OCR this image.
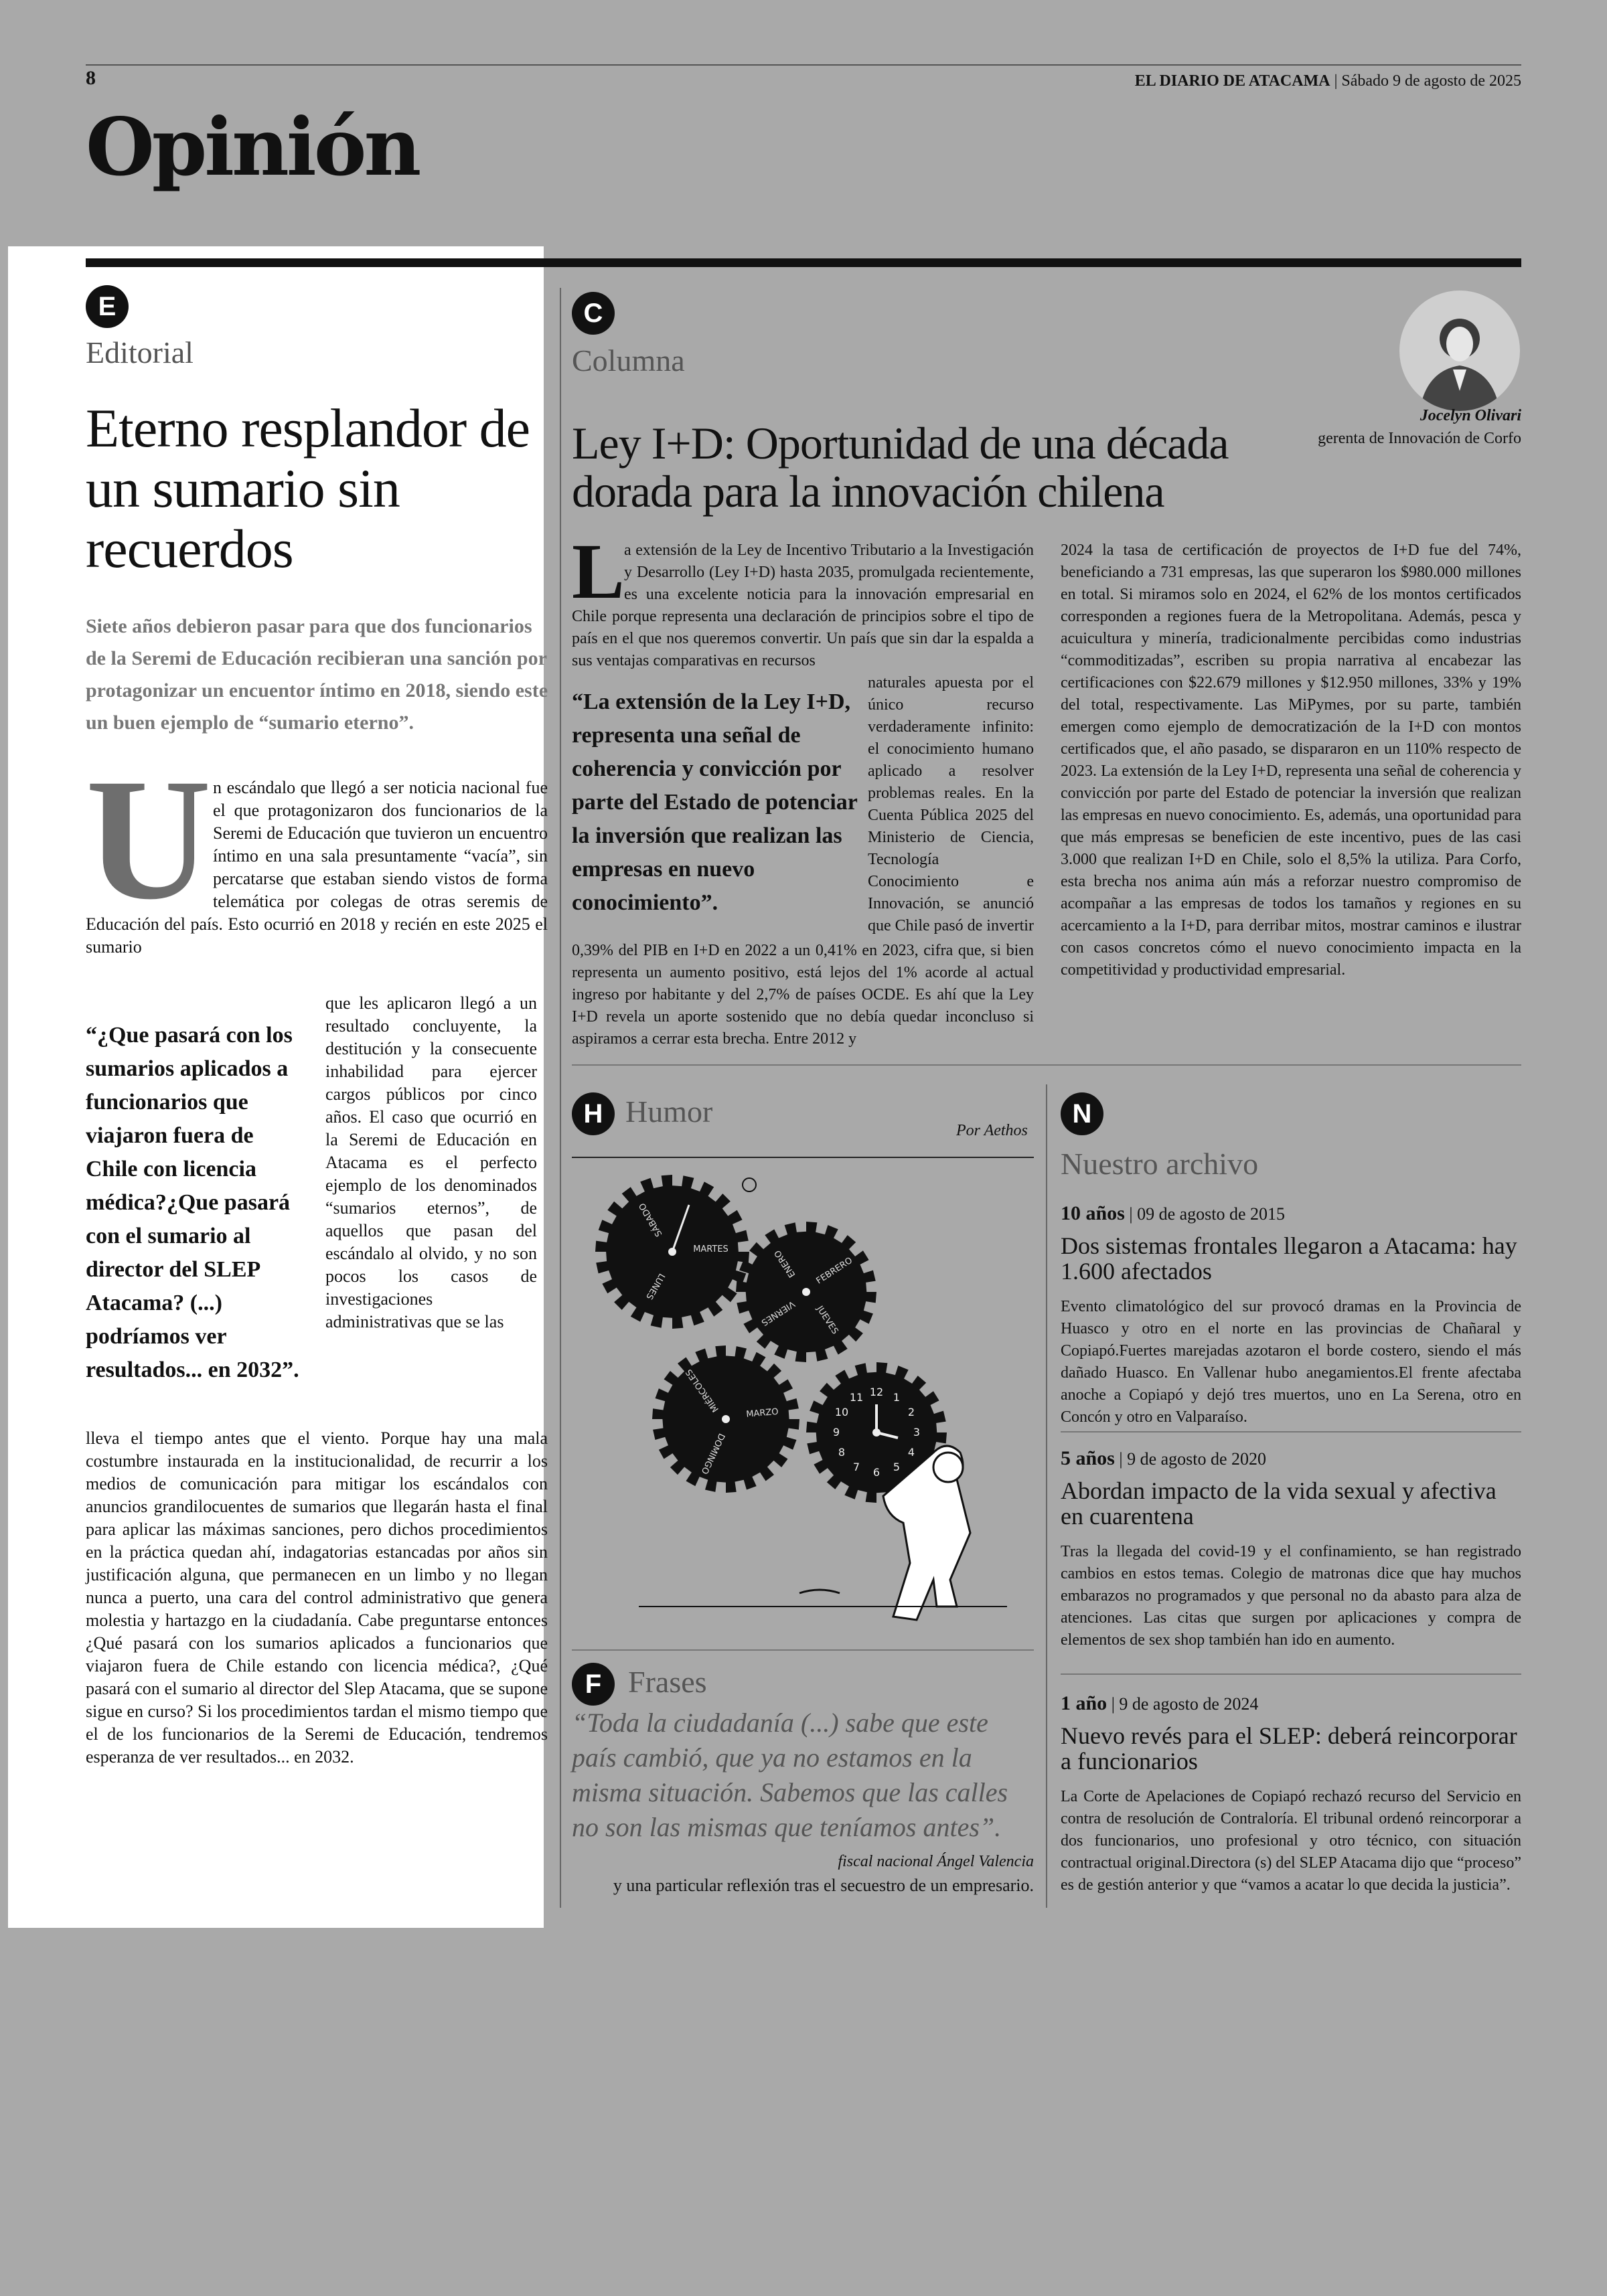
8	EL DIARIO DE ATACAMA | Sábado 9 de agosto de 2025
Opinión
E
Editorial
Eterno resplandor de un sumario sin recuerdos
Siete años debieron pasar para que dos funcionarios de la Seremi de Educación recibieran una sanción por protagonizar un encuentor íntimo en 2018, siendo este un buen ejemplo de “sumario eterno”.
U n escándalo que llegó a ser noticia nacional fue el que protagonizaron dos funcionarios de la Seremi de Educación que tuvieron un encuentro íntimo en una sala presuntamente “vacía”, sin percatarse que estaban siendo vistos de forma telemática por colegas de otras seremis de Educación del país. Esto ocurrió en 2018 y recién en este 2025 el sumario
“¿Que pasará con los sumarios aplicados a funcionarios que viajaron fuera de Chile con licencia médica?¿Que pasará con el sumario al director del SLEP Atacama? (...) podríamos ver resultados... en 2032”.
que les aplicaron llegó a un resultado concluyente, la destitución y la consecuente inhabilidad para ejercer cargos públicos por cinco años. El caso que ocurrió en la Seremi de Educación en Atacama es el perfecto ejemplo de los denominados “sumarios eternos”, de aquellos que pasan del escándalo al olvido, y no son pocos los casos de investigaciones administrativas que se las
lleva el tiempo antes que el viento. Porque hay una mala costumbre instaurada en la institucionalidad, de recurrir a los medios de comunicación para mitigar los escándalos con anuncios grandilocuentes de sumarios que llegarán hasta el final para aplicar las máximas sanciones, pero dichos procedimientos en la práctica quedan ahí, indagatorias estancadas por años sin justificación alguna, que permanecen en un limbo y no llegan nunca a puerto, una cara del control administrativo que genera molestia y hartazgo en la ciudadanía. Cabe preguntarse entonces ¿Qué pasará con los sumarios aplicados a funcionarios que viajaron fuera de Chile estando con licencia médica?, ¿Qué pasará con el sumario al director del Slep Atacama, que se supone sigue en curso? Si los procedimientos tardan el mismo tiempo que el de los funcionarios de la Seremi de Educación, tendremos esperanza de ver resultados... en 2032.
C
Columna
Ley I+D: Oportunidad de una década dorada para la innovación chilena
Jocelyn Olivari
gerenta de Innovación de Corfo
L a extensión de la Ley de Incentivo Tributario a la Investigación y Desarrollo (Ley I+D) hasta 2035, promulgada recientemente, es una excelente noticia para la innovación empresarial en Chile porque representa una declaración de principios sobre el tipo de país en el que nos queremos convertir. Un país que sin dar la espalda a sus ventajas comparativas en recursos
“La extensión de la Ley I+D, representa una señal de coherencia y convicción por parte del Estado de potenciar la inversión que realizan las empresas en nuevo conocimiento”.
naturales apuesta por el único recurso verdaderamente infinito: el conocimiento humano aplicado a resolver problemas reales. En la Cuenta Pública 2025 del Ministerio de Ciencia, Tecnología Conocimiento e Innovación, se anunció que Chile pasó de invertir
0,39% del PIB en I+D en 2022 a un 0,41% en 2023, cifra que, si bien representa un aumento positivo, está lejos del 1% acorde al actual ingreso por habitante y del 2,7% de países OCDE. Es ahí que la Ley I+D revela un aporte sostenido que no debía quedar inconcluso si aspiramos a cerrar esta brecha. Entre 2012 y
2024 la tasa de certificación de proyectos de I+D fue del 74%, beneficiando a 731 empresas, las que superaron los $980.000 millones en total. Si miramos solo en 2024, el 62% de los montos certificados corresponden a regiones fuera de la Metropolitana. Además, pesca y acuicultura y minería, tradicionalmente percibidas como industrias “commoditizadas”, escriben su propia narrativa al encabezar las certificaciones con $22.679 millones y $12.950 millones, 33% y 19% del total, respectivamente. Las MiPymes, por su parte, también emergen como ejemplo de democratización de la I+D con montos certificados que, el año pasado, se dispararon en un 110% respecto de 2023. La extensión de la Ley I+D, representa una señal de coherencia y convicción por parte del Estado de potenciar la inversión que realizan las empresas en nuevo conocimiento. Es, además, una oportunidad para que más empresas se beneficien de este incentivo, pues de las casi 3.000 que realizan I+D en Chile, solo el 8,5% la utiliza. Para Corfo, esta brecha nos anima aún más a reforzar nuestro compromiso de acompañar a las empresas de todos los tamaños y regiones en su acercamiento a la I+D, para derribar mitos, mostrar caminos e ilustrar con casos concretos cómo el nuevo conocimiento impacta en la competitividad y productividad empresarial.
H Humor
Por Aethos
MARTES
LUNES
SÁBADO
JUEVES
VIERNES
ENERO FEBRERO
DOMINGO
MIÉRCOLES	MARZO
12 1
2
3
4
5
6
7
8
9
10
11
F Frases
“Toda la ciudadanía (...) sabe que este país cambió, que ya no estamos en la misma situación. Sabemos que las calles no son las mismas que teníamos antes”.
fiscal nacional Ángel Valencia
y una particular reflexión tras el secuestro de un empresario.
N
Nuestro archivo
10 años | 09 de agosto de 2015
Dos sistemas frontales llegaron a Atacama: hay 1.600 afectados
Evento climatológico del sur provocó dramas en la Provincia de Huasco y otro en el norte en las provincias de Chañaral y Copiapó.Fuertes marejadas azotaron el borde costero, siendo el más dañado Huasco. En Vallenar hubo anegamientos.El frente afectaba anoche a Copiapó y dejó tres muertos, uno en La Serena, otro en Concón y otro en Valparaíso.
5 años | 9 de agosto de 2020
Abordan impacto de la vida sexual y afectiva en cuarentena
Tras la llegada del covid-19 y el confinamiento, se han registrado cambios en estos temas. Colegio de matronas dice que hay muchos embarazos no programados y que personal no da abasto para alza de atenciones. Las citas que surgen por aplicaciones y compra de elementos de sex shop también han ido en aumento.
1 año | 9 de agosto de 2024
Nuevo revés para el SLEP: deberá reincorporar a funcionarios
La Corte de Apelaciones de Copiapó rechazó recurso del Servicio en contra de resolución de Contraloría. El tribunal ordenó reincorporar a dos funcionarios, uno profesional y otro técnico, con situación contractual original.Directora (s) del SLEP Atacama dijo que “proceso” es de gestión anterior y que “vamos a acatar lo que decida la justicia”.
